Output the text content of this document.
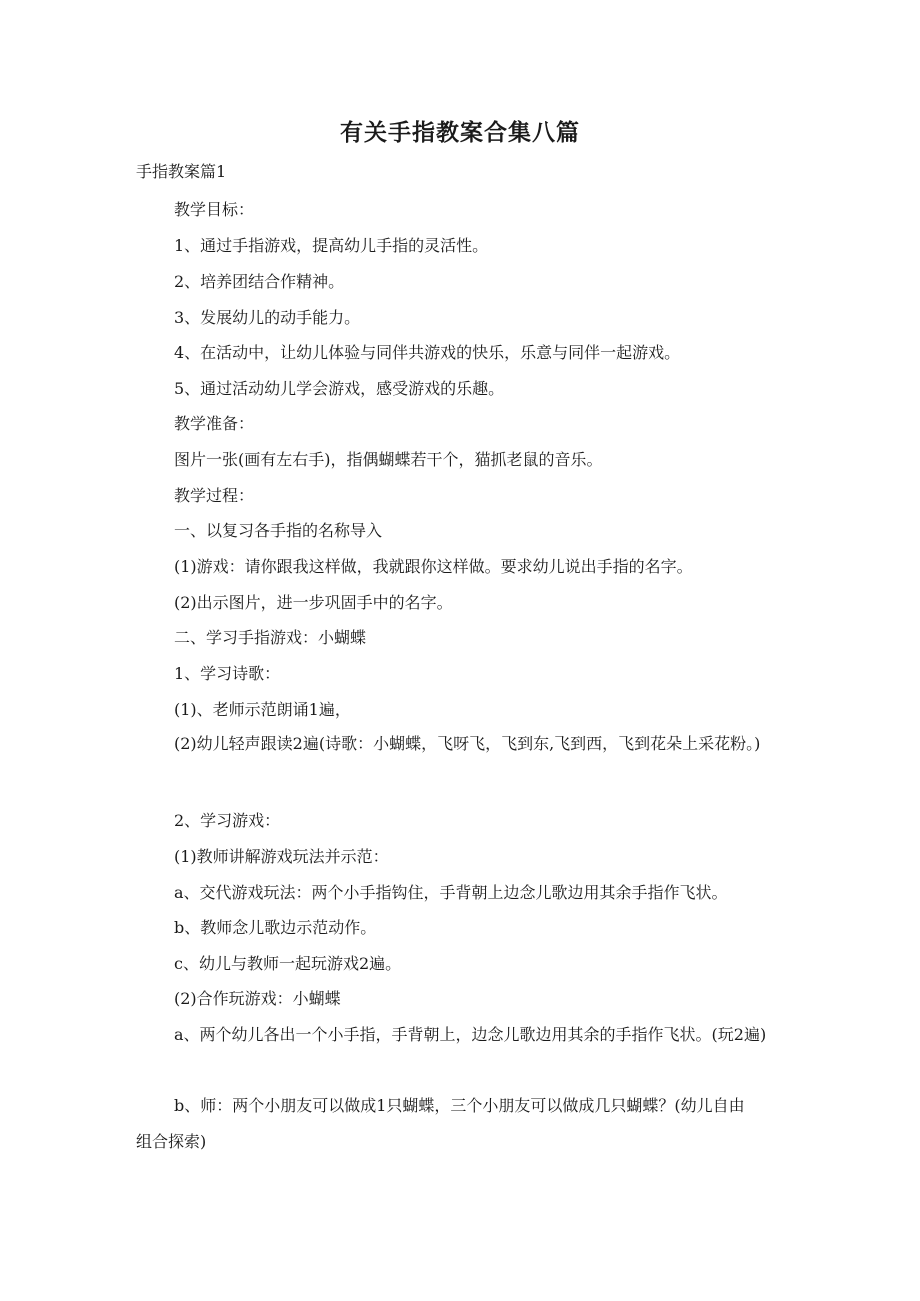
有关手指教案合集八篇

手指教案篇1

教学目标：

1、通过手指游戏，提高幼儿手指的灵活性。

2、培养团结合作精神。

3、发展幼儿的动手能力。

4、在活动中，让幼儿体验与同伴共游戏的快乐，乐意与同伴一起游戏。

5、通过活动幼儿学会游戏，感受游戏的乐趣。

教学准备：

图片一张(画有左右手)，指偶蝴蝶若干个，猫抓老鼠的音乐。

教学过程：

一、以复习各手指的名称导入

(1)游戏：请你跟我这样做，我就跟你这样做。要求幼儿说出手指的名字。

(2)出示图片，进一步巩固手中的名字。

二、学习手指游戏：小蝴蝶

1、学习诗歌：

(1)、老师示范朗诵1遍，

(2)幼儿轻声跟读2遍(诗歌：小蝴蝶，飞呀飞，飞到东,飞到西，飞到花朵上采花粉。)

2、学习游戏：

(1)教师讲解游戏玩法并示范：

a、交代游戏玩法：两个小手指钩住，手背朝上边念儿歌边用其余手指作飞状。

b、教师念儿歌边示范动作。

c、幼儿与教师一起玩游戏2遍。

(2)合作玩游戏：小蝴蝶

a、两个幼儿各出一个小手指，手背朝上，边念儿歌边用其余的手指作飞状。(玩2遍)

b、师：两个小朋友可以做成1只蝴蝶，三个小朋友可以做成几只蝴蝶？(幼儿自由组合探索)
